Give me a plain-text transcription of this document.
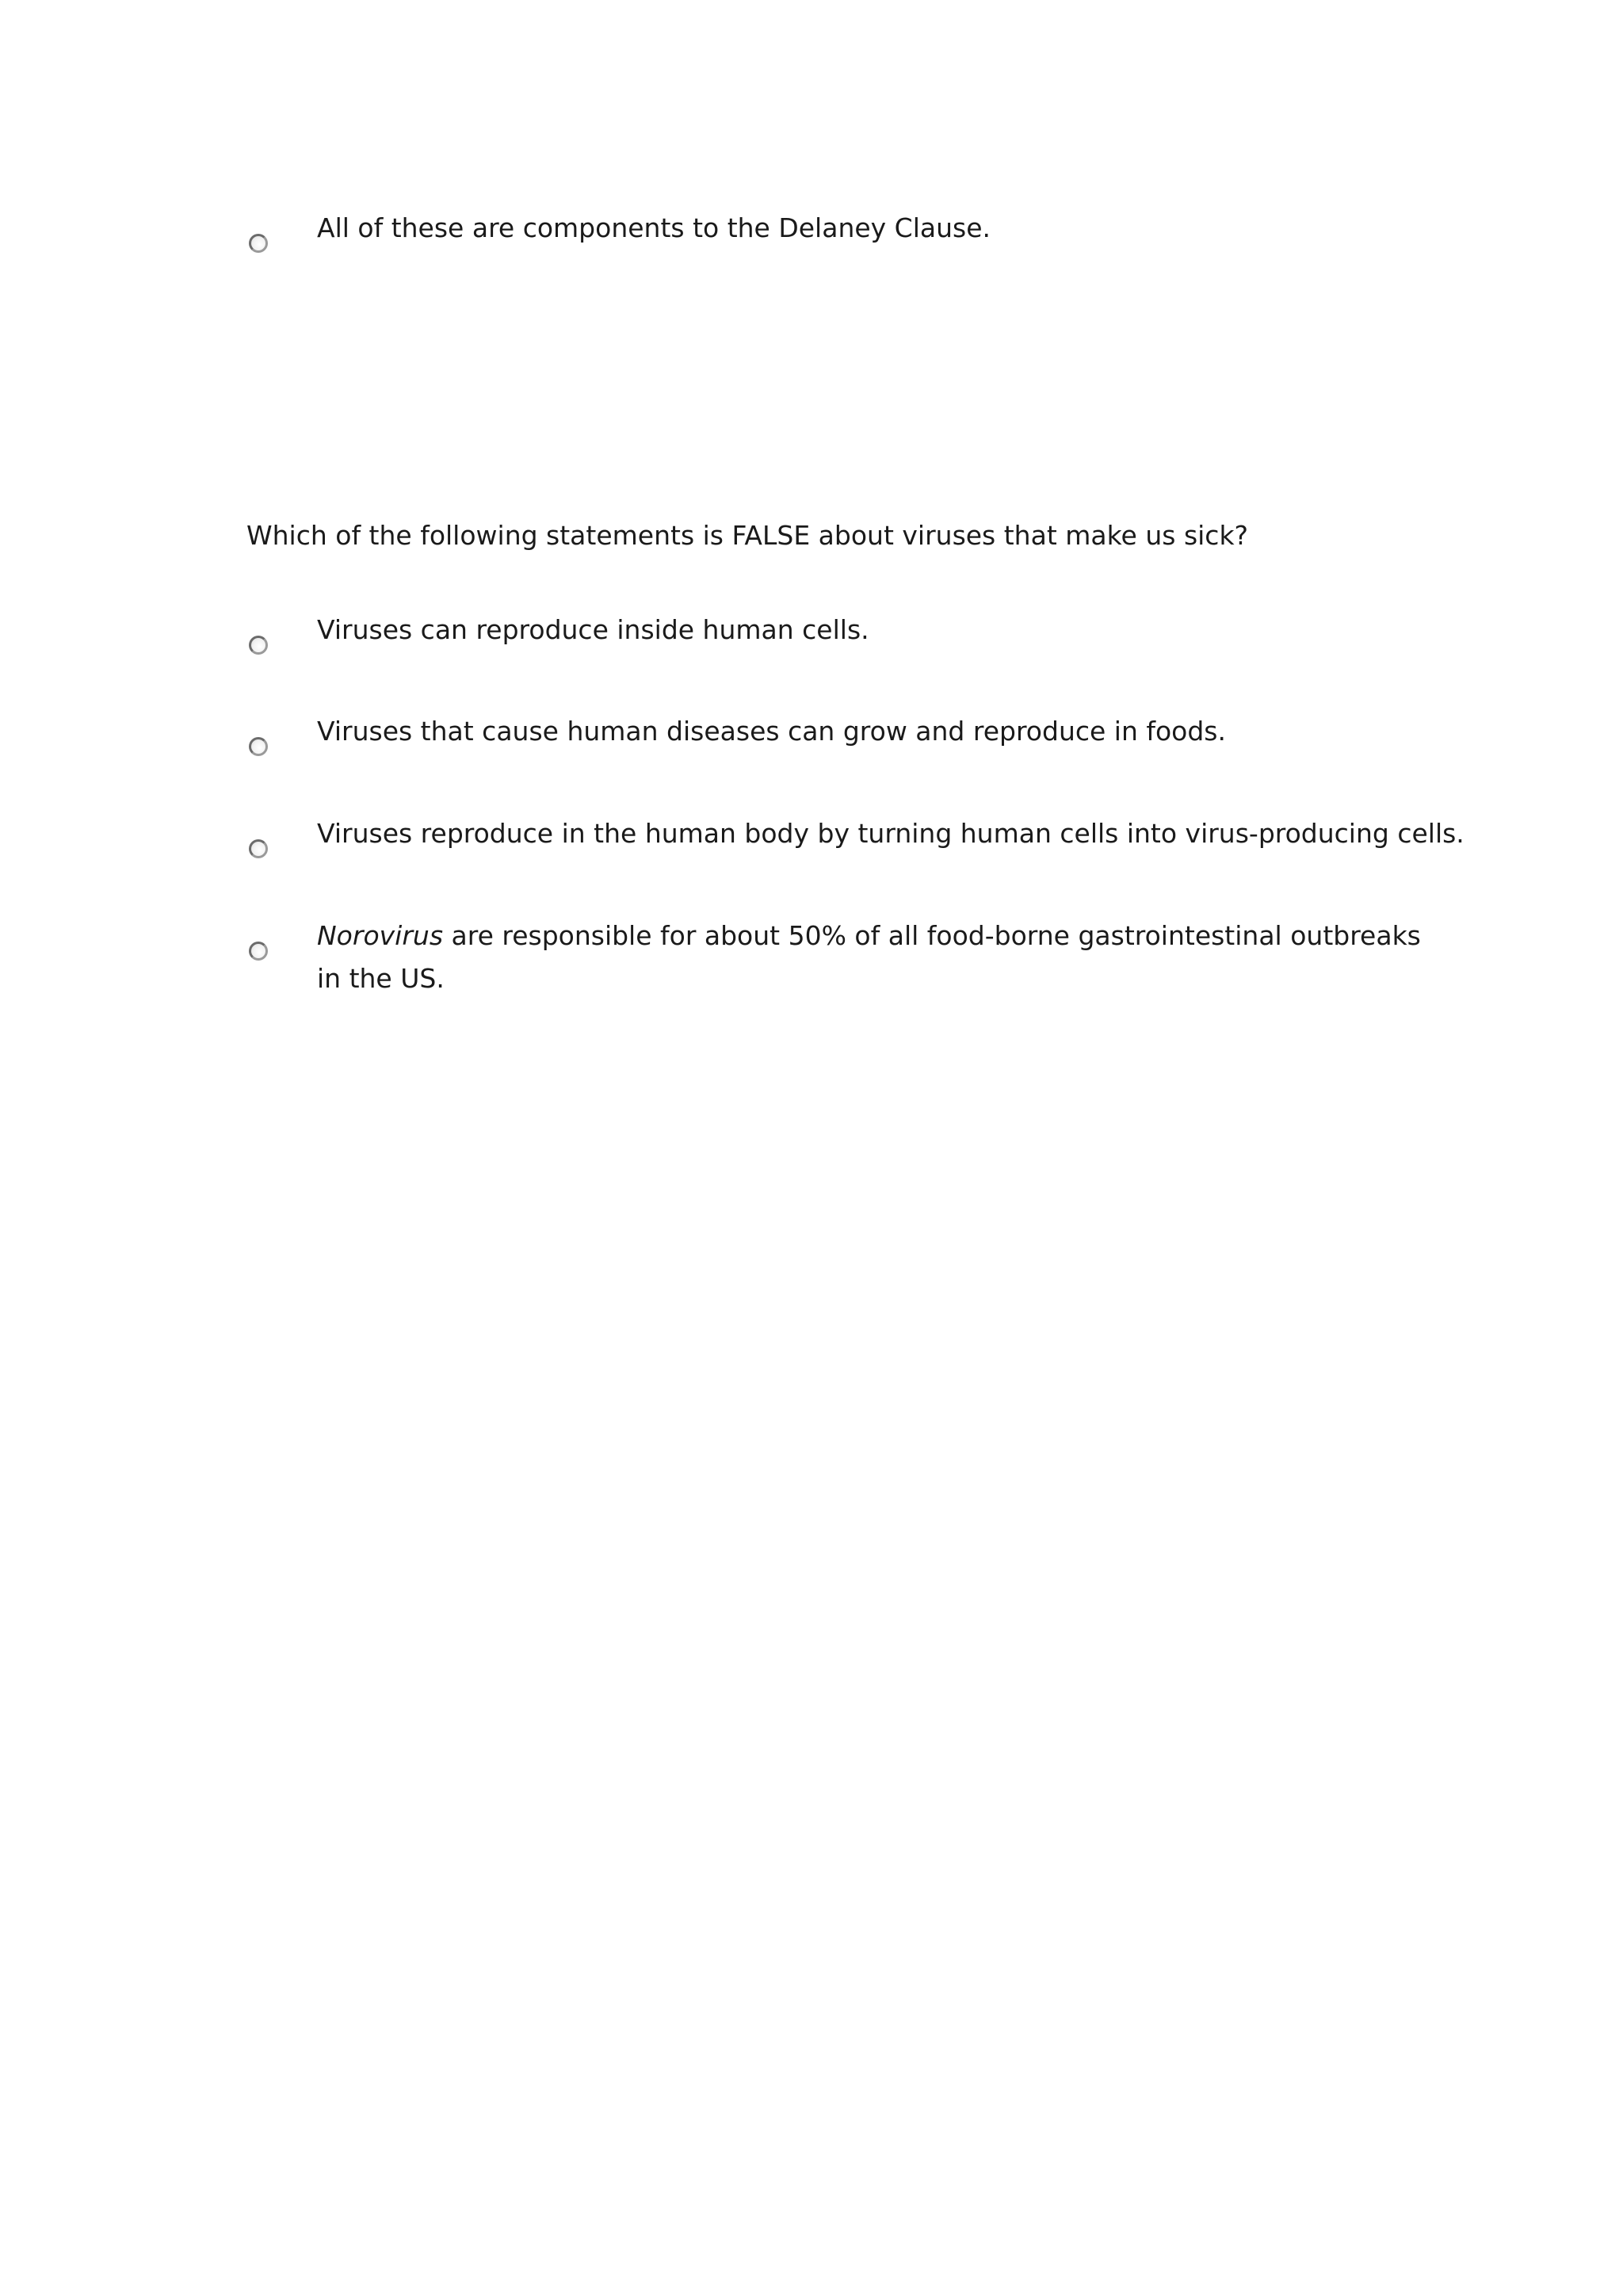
All of these are components to the Delaney Clause.
Which of the following statements is FALSE about viruses that make us sick?
Viruses can reproduce inside human cells.
Viruses that cause human diseases can grow and reproduce in foods.
Viruses reproduce in the human body by turning human cells into virus-producing cells.
Norovirus are responsible for about 50% of all food-borne gastrointestinal outbreaks in the US.
